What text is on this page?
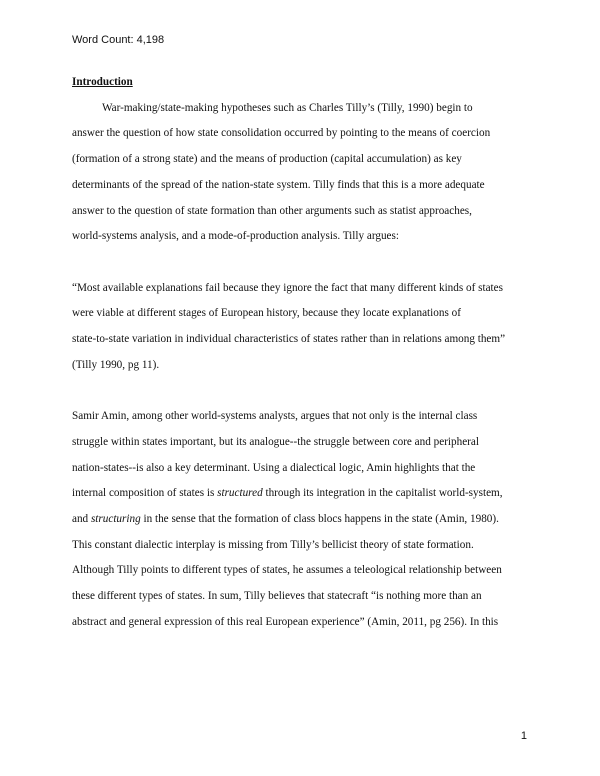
Word Count: 4,198

Introduction

War-making/state-making hypotheses such as Charles Tilly’s (Tilly, 1990) begin to

answer the question of how state consolidation occurred by pointing to the means of coercion

(formation of a strong state) and the means of production (capital accumulation) as key

determinants of the spread of the nation-state system. Tilly finds that this is a more adequate

answer to the question of state formation than other arguments such as statist approaches,

world-systems analysis, and a mode-of-production analysis. Tilly argues:

“Most available explanations fail because they ignore the fact that many different kinds of states

were viable at different stages of European history, because they locate explanations of

state-to-state variation in individual characteristics of states rather than in relations among them”

(Tilly 1990, pg 11).

Samir Amin, among other world-systems analysts, argues that not only is the internal class

struggle within states important, but its analogue--the struggle between core and peripheral

nation-states--is also a key determinant. Using a dialectical logic, Amin highlights that the

internal composition of states is structured through its integration in the capitalist world-system,

and structuring in the sense that the formation of class blocs happens in the state (Amin, 1980).

This constant dialectic interplay is missing from Tilly’s bellicist theory of state formation.

Although Tilly points to different types of states, he assumes a teleological relationship between

these different types of states. In sum, Tilly believes that statecraft “is nothing more than an

abstract and general expression of this real European experience” (Amin, 2011, pg 256). In this

1
